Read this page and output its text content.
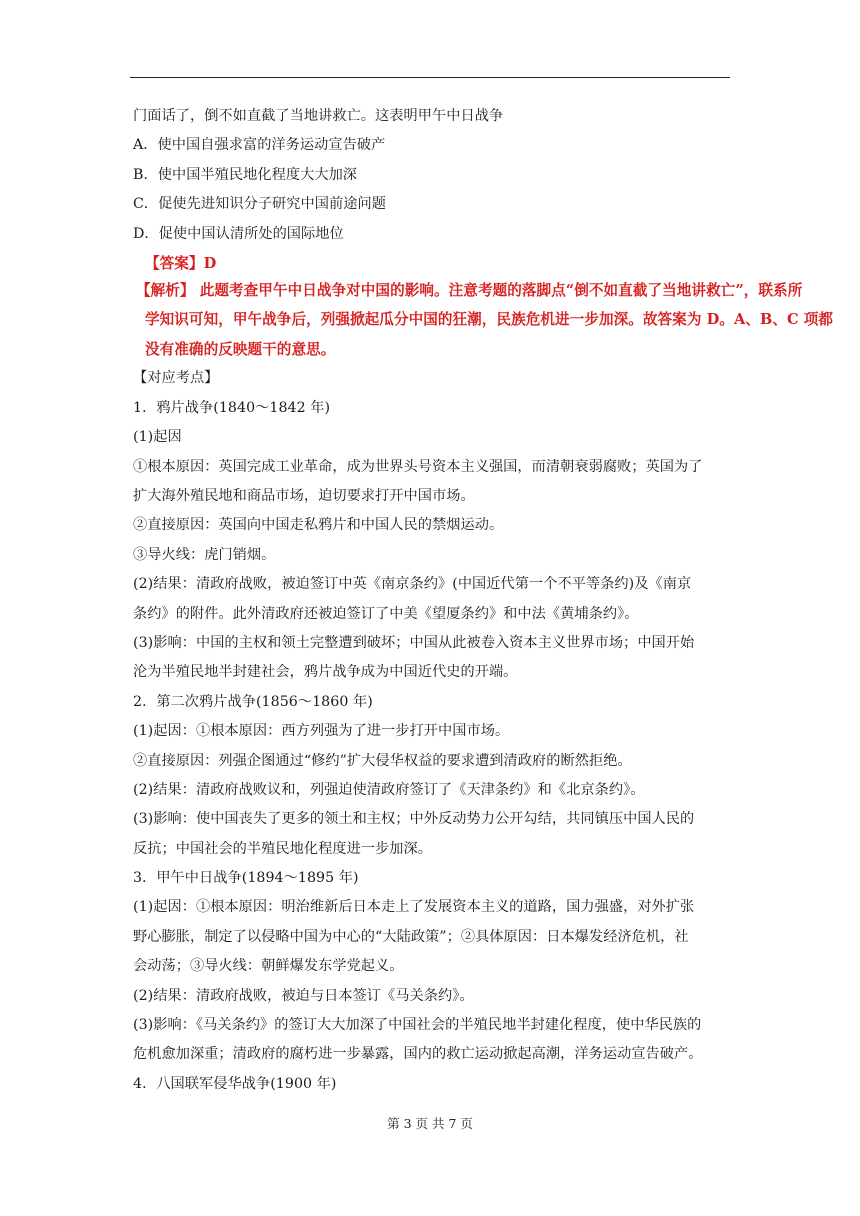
门面话了，倒不如直截了当地讲救亡。这表明甲午中日战争
A．使中国自强求富的洋务运动宣告破产
B．使中国半殖民地化程度大大加深
C．促使先进知识分子研究中国前途问题
D．促使中国认清所处的国际地位
【答案】D
【解析】 此题考查甲午中日战争对中国的影响。注意考题的落脚点“倒不如直截了当地讲救亡”，联系所
学知识可知，甲午战争后，列强掀起瓜分中国的狂潮，民族危机进一步加深。故答案为 D。A、B、C 项都
没有准确的反映题干的意思。
【对应考点】
1．鸦片战争(1840～1842 年)
(1)起因
①根本原因：英国完成工业革命，成为世界头号资本主义强国，而清朝衰弱腐败；英国为了
扩大海外殖民地和商品市场，迫切要求打开中国市场。
②直接原因：英国向中国走私鸦片和中国人民的禁烟运动。
③导火线：虎门销烟。
(2)结果：清政府战败，被迫签订中英《南京条约》(中国近代第一个不平等条约)及《南京
条约》的附件。此外清政府还被迫签订了中美《望厦条约》和中法《黄埔条约》。
(3)影响：中国的主权和领土完整遭到破坏；中国从此被卷入资本主义世界市场；中国开始
沦为半殖民地半封建社会，鸦片战争成为中国近代史的开端。
2．第二次鸦片战争(1856～1860 年)
(1)起因：①根本原因：西方列强为了进一步打开中国市场。
②直接原因：列强企图通过“修约”扩大侵华权益的要求遭到清政府的断然拒绝。
(2)结果：清政府战败议和，列强迫使清政府签订了《天津条约》和《北京条约》。
(3)影响：使中国丧失了更多的领土和主权；中外反动势力公开勾结，共同镇压中国人民的
反抗；中国社会的半殖民地化程度进一步加深。
3．甲午中日战争(1894～1895 年)
(1)起因：①根本原因：明治维新后日本走上了发展资本主义的道路，国力强盛，对外扩张
野心膨胀，制定了以侵略中国为中心的“大陆政策”；②具体原因：日本爆发经济危机，社
会动荡；③导火线：朝鲜爆发东学党起义。
(2)结果：清政府战败，被迫与日本签订《马关条约》。
(3)影响：《马关条约》的签订大大加深了中国社会的半殖民地半封建化程度，使中华民族的
危机愈加深重；清政府的腐朽进一步暴露，国内的救亡运动掀起高潮，洋务运动宣告破产。
4．八国联军侵华战争(1900 年)
第 3 页 共 7 页
